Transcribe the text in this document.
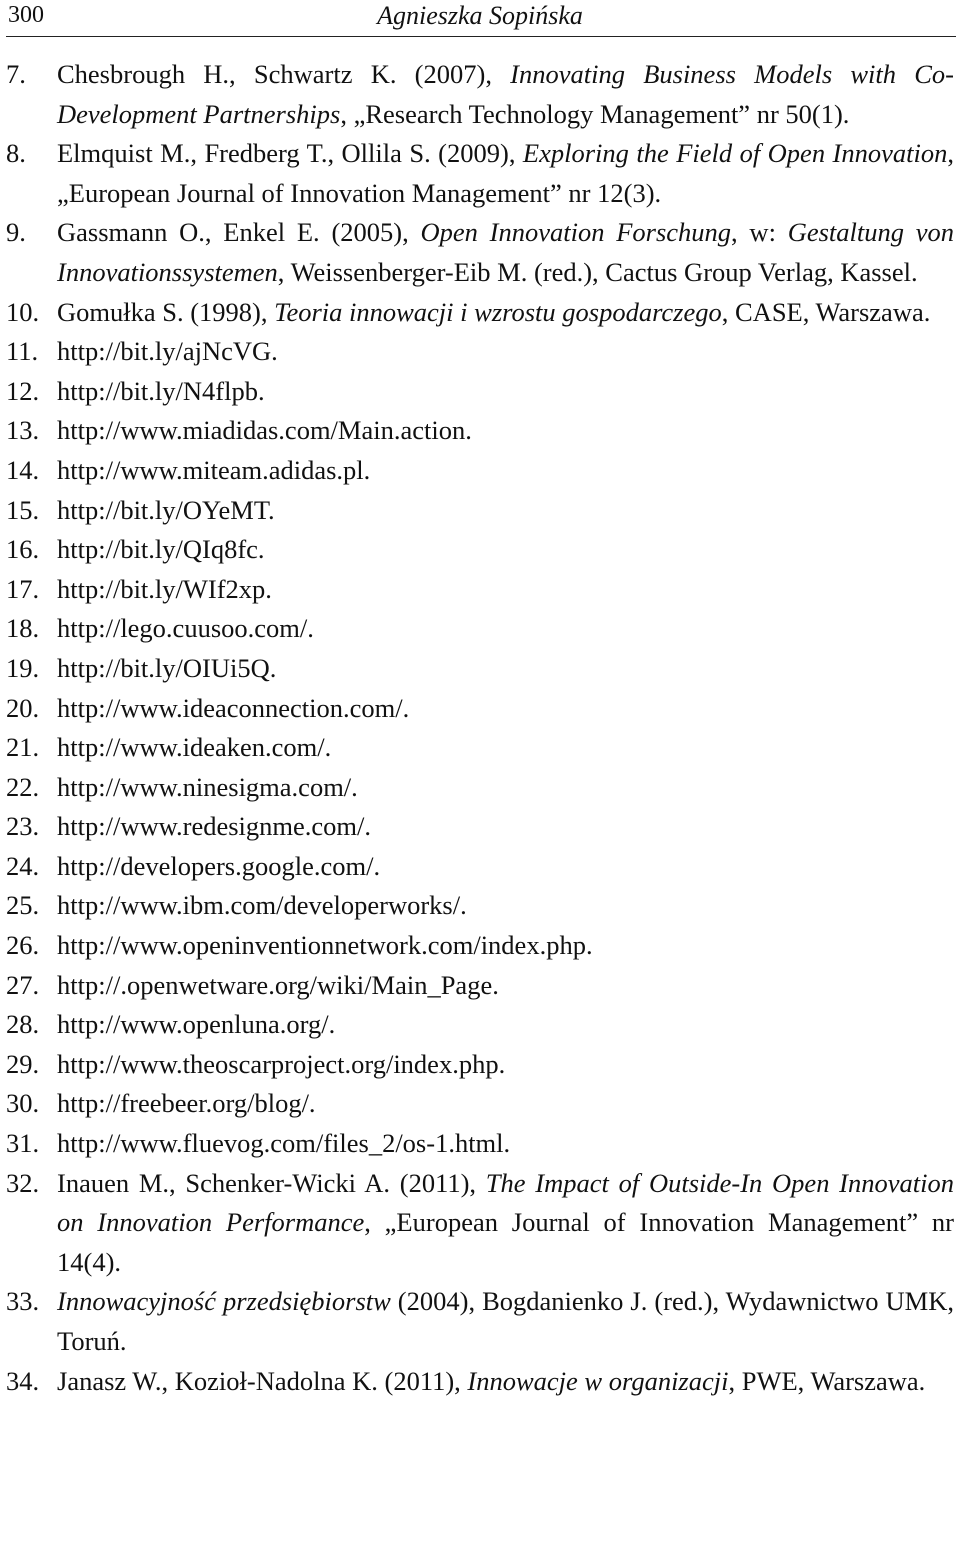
300	Agnieszka Sopińska
7. Chesbrough H., Schwartz K. (2007), Innovating Business Models with Co-Development Partnerships, „Research Technology Management” nr 50(1).
8. Elmquist M., Fredberg T., Ollila S. (2009), Exploring the Field of Open Innovation, „European Journal of Innovation Management” nr 12(3).
9. Gassmann O., Enkel E. (2005), Open Innovation Forschung, w: Gestaltung von Innovationssystemen, Weissenberger-Eib M. (red.), Cactus Group Verlag, Kassel.
10. Gomułka S. (1998), Teoria innowacji i wzrostu gospodarczego, CASE, Warszawa.
11. http://bit.ly/ajNcVG.
12. http://bit.ly/N4flpb.
13. http://www.miadidas.com/Main.action.
14. http://www.miteam.adidas.pl.
15. http://bit.ly/OYeMT.
16. http://bit.ly/QIq8fc.
17. http://bit.ly/WIf2xp.
18. http://lego.cuusoo.com/.
19. http://bit.ly/OIUi5Q.
20. http://www.ideaconnection.com/.
21. http://www.ideaken.com/.
22. http://www.ninesigma.com/.
23. http://www.redesignme.com/.
24. http://developers.google.com/.
25. http://www.ibm.com/developerworks/.
26. http://www.openinventionnetwork.com/index.php.
27. http://.openwetware.org/wiki/Main_Page.
28. http://www.openluna.org/.
29. http://www.theoscarproject.org/index.php.
30. http://freebeer.org/blog/.
31. http://www.fluevog.com/files_2/os-1.html.
32. Inauen M., Schenker-Wicki A. (2011), The Impact of Outside-In Open Innovation on Innovation Performance, „European Journal of Innovation Management” nr 14(4).
33. Innowacyjność przedsiębiorstw (2004), Bogdanienko J. (red.), Wydawnictwo UMK, Toruń.
34. Janasz W., Kozioł-Nadolna K. (2011), Innowacje w organizacji, PWE, Warszawa.
